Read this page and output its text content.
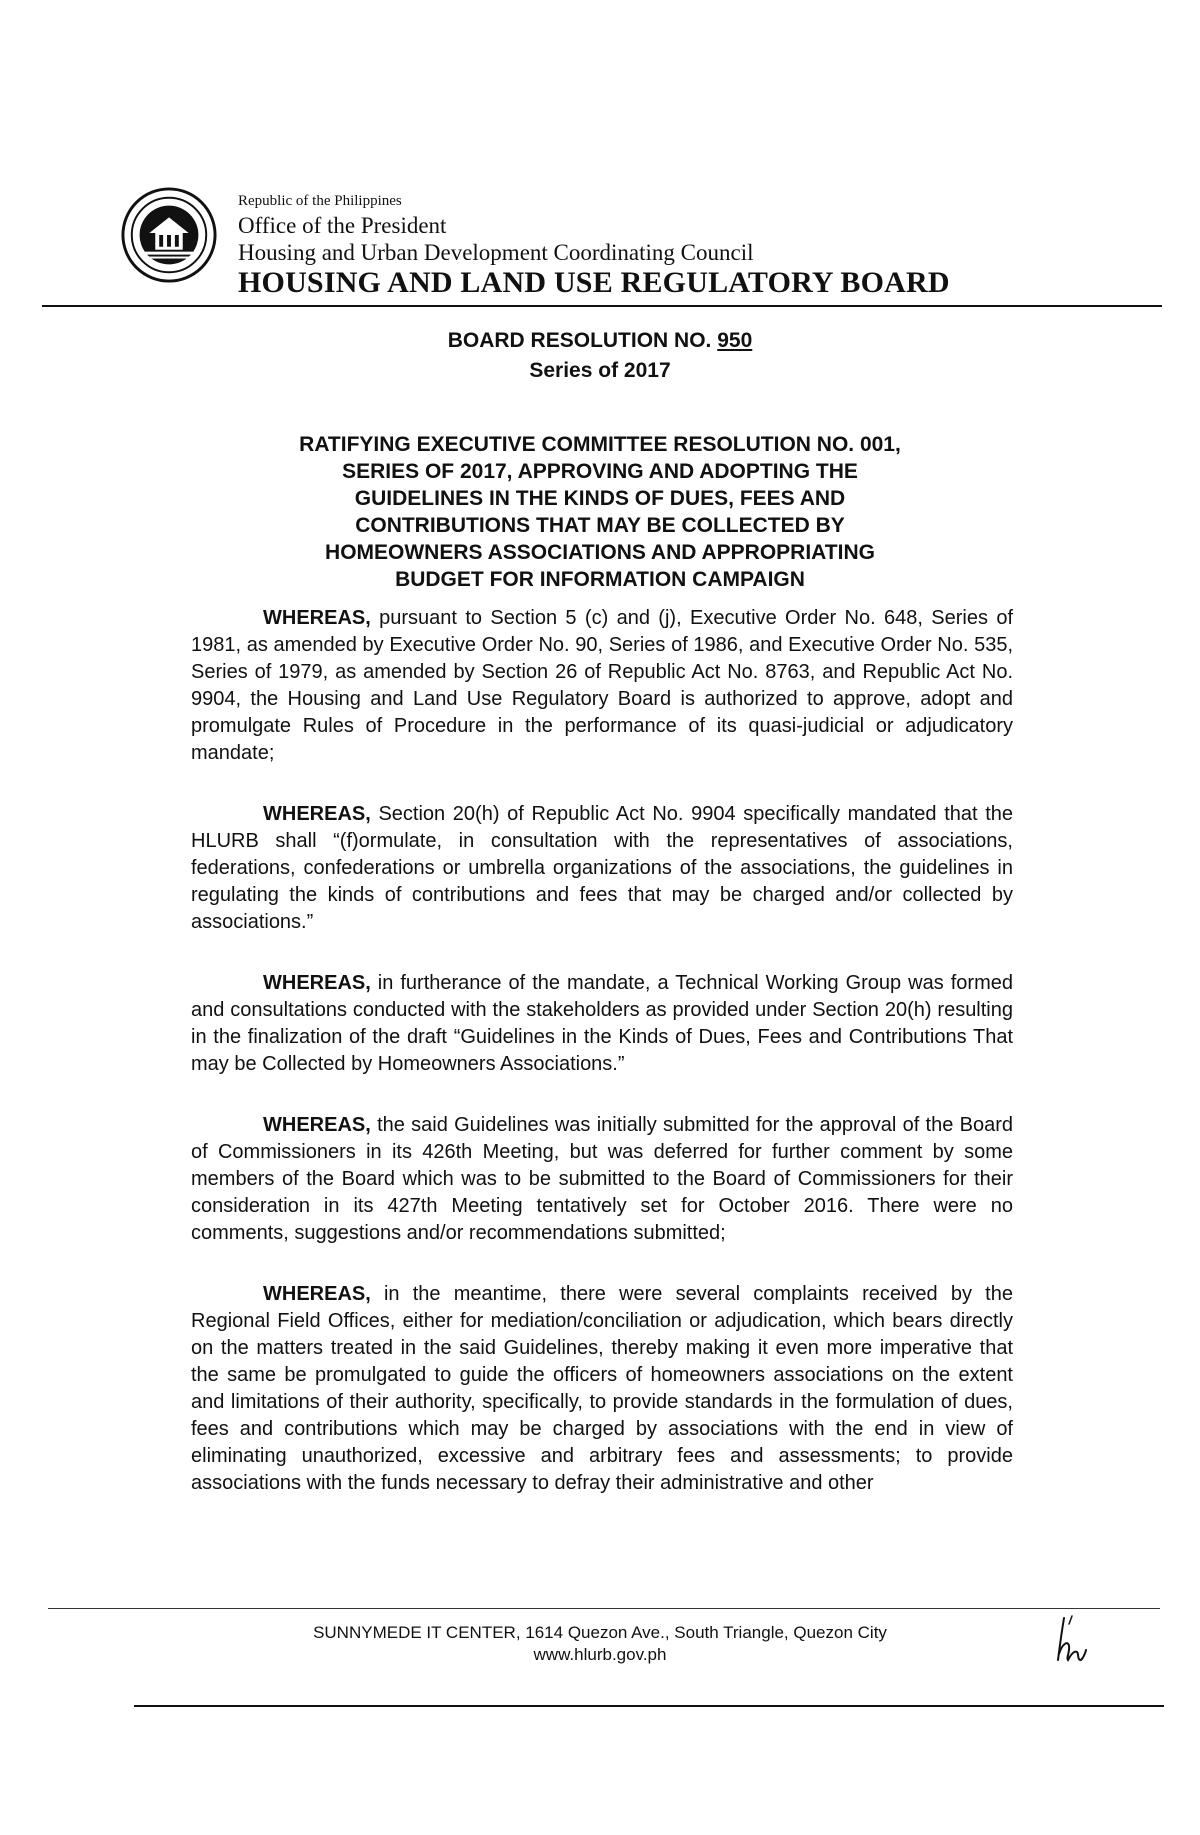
Republic of the Philippines
Office of the President
Housing and Urban Development Coordinating Council
HOUSING AND LAND USE REGULATORY BOARD
BOARD RESOLUTION NO. 950
Series of 2017
RATIFYING EXECUTIVE COMMITTEE RESOLUTION NO. 001,
SERIES OF 2017, APPROVING AND ADOPTING THE
GUIDELINES IN THE KINDS OF DUES, FEES AND
CONTRIBUTIONS THAT MAY BE COLLECTED BY
HOMEOWNERS ASSOCIATIONS AND APPROPRIATING
BUDGET FOR INFORMATION CAMPAIGN

WHEREAS, pursuant to Section 5 (c) and (j), Executive Order No. 648, Series of 1981, as amended by Executive Order No. 90, Series of 1986, and Executive Order No. 535, Series of 1979, as amended by Section 26 of Republic Act No. 8763, and Republic Act No. 9904, the Housing and Land Use Regulatory Board is authorized to approve, adopt and promulgate Rules of Procedure in the performance of its quasi-judicial or adjudicatory mandate;

WHEREAS, Section 20(h) of Republic Act No. 9904 specifically mandated that the HLURB shall “(f)ormulate, in consultation with the representatives of associations, federations, confederations or umbrella organizations of the associations, the guidelines in regulating the kinds of contributions and fees that may be charged and/or collected by associations.”

WHEREAS, in furtherance of the mandate, a Technical Working Group was formed and consultations conducted with the stakeholders as provided under Section 20(h) resulting in the finalization of the draft “Guidelines in the Kinds of Dues, Fees and Contributions That may be Collected by Homeowners Associations.”

WHEREAS, the said Guidelines was initially submitted for the approval of the Board of Commissioners in its 426th Meeting, but was deferred for further comment by some members of the Board which was to be submitted to the Board of Commissioners for their consideration in its 427th Meeting tentatively set for October 2016. There were no comments, suggestions and/or recommendations submitted;

WHEREAS, in the meantime, there were several complaints received by the Regional Field Offices, either for mediation/conciliation or adjudication, which bears directly on the matters treated in the said Guidelines, thereby making it even more imperative that the same be promulgated to guide the officers of homeowners associations on the extent and limitations of their authority, specifically, to provide standards in the formulation of dues, fees and contributions which may be charged by associations with the end in view of eliminating unauthorized, excessive and arbitrary fees and assessments; to provide associations with the funds necessary to defray their administrative and other

SUNNYMEDE IT CENTER, 1614 Quezon Ave., South Triangle, Quezon City
www.hlurb.gov.ph
